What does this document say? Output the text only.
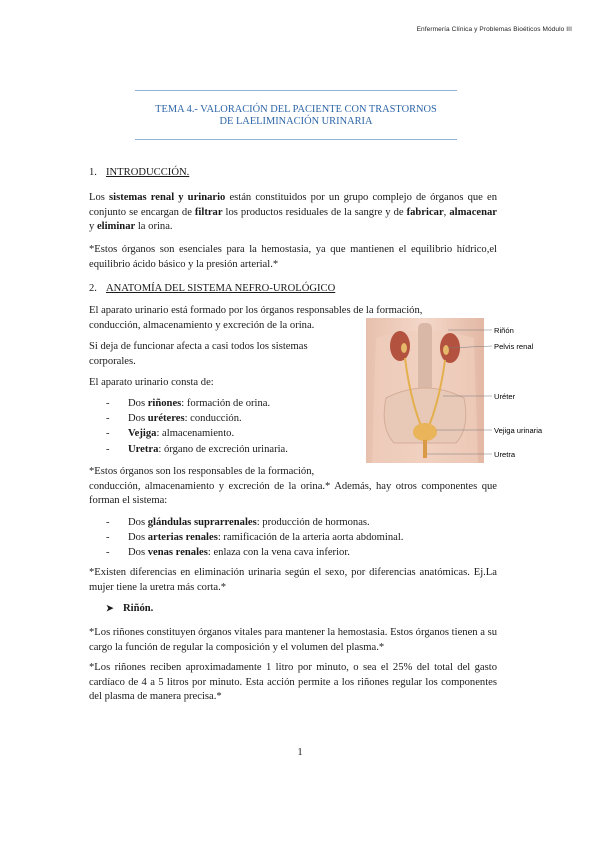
Enfermería Clínica y Problemas Bioéticos Módulo III
TEMA 4.- VALORACIÓN DEL PACIENTE CON TRASTORNOS
DE LAELIMINACIÓN URINARIA
1. INTRODUCCIÓN.

Los sistemas renal y urinario están constituidos por un grupo complejo de órganos que en conjunto se encargan de filtrar los productos residuales de la sangre y de fabricar, almacenar y eliminar la orina.

*Estos órganos son esenciales para la hemostasia, ya que mantienen el equilibrio hídrico,el equilibrio ácido básico y la presión arterial.*

2. ANATOMÍA DEL SISTEMA NEFRO-UROLÓGICO

El aparato urinario está formado por los órganos responsables de la formación,
conducción, almacenamiento y excreción de la orina.

Si deja de funcionar afecta a casi todos los sistemas
corporales.

El aparato urinario consta de:

-	Dos riñones: formación de orina.
-	Dos uréteres: conducción.
-	Vejiga: almacenamiento.
-	Uretra: órgano de excreción urinaria.

*Estos órganos son los responsables de la formación,

conducción, almacenamiento y excreción de la orina.* Además, hay otros componentes que forman el sistema:

-	Dos glándulas suprarrenales: producción de hormonas.
-	Dos arterias renales: ramificación de la arteria aorta abdominal.
-	Dos venas renales: enlaza con la vena cava inferior.

*Existen diferencias en eliminación urinaria según el sexo, por diferencias anatómicas. Ej.La mujer tiene la uretra más corta.*

➤ Riñón.

*Los riñones constituyen órganos vitales para mantener la hemostasia. Estos órganos tienen a su cargo la función de regular la composición y el volumen del plasma.*

*Los riñones reciben aproximadamente 1 litro por minuto, o sea el 25% del total del gasto cardíaco de 4 a 5 litros por minuto. Esta acción permite a los riñones regular los componentes del plasma de manera precisa.*

Riñón
Pelvis renal
Uréter
Vejiga urinaria
Uretra
1
